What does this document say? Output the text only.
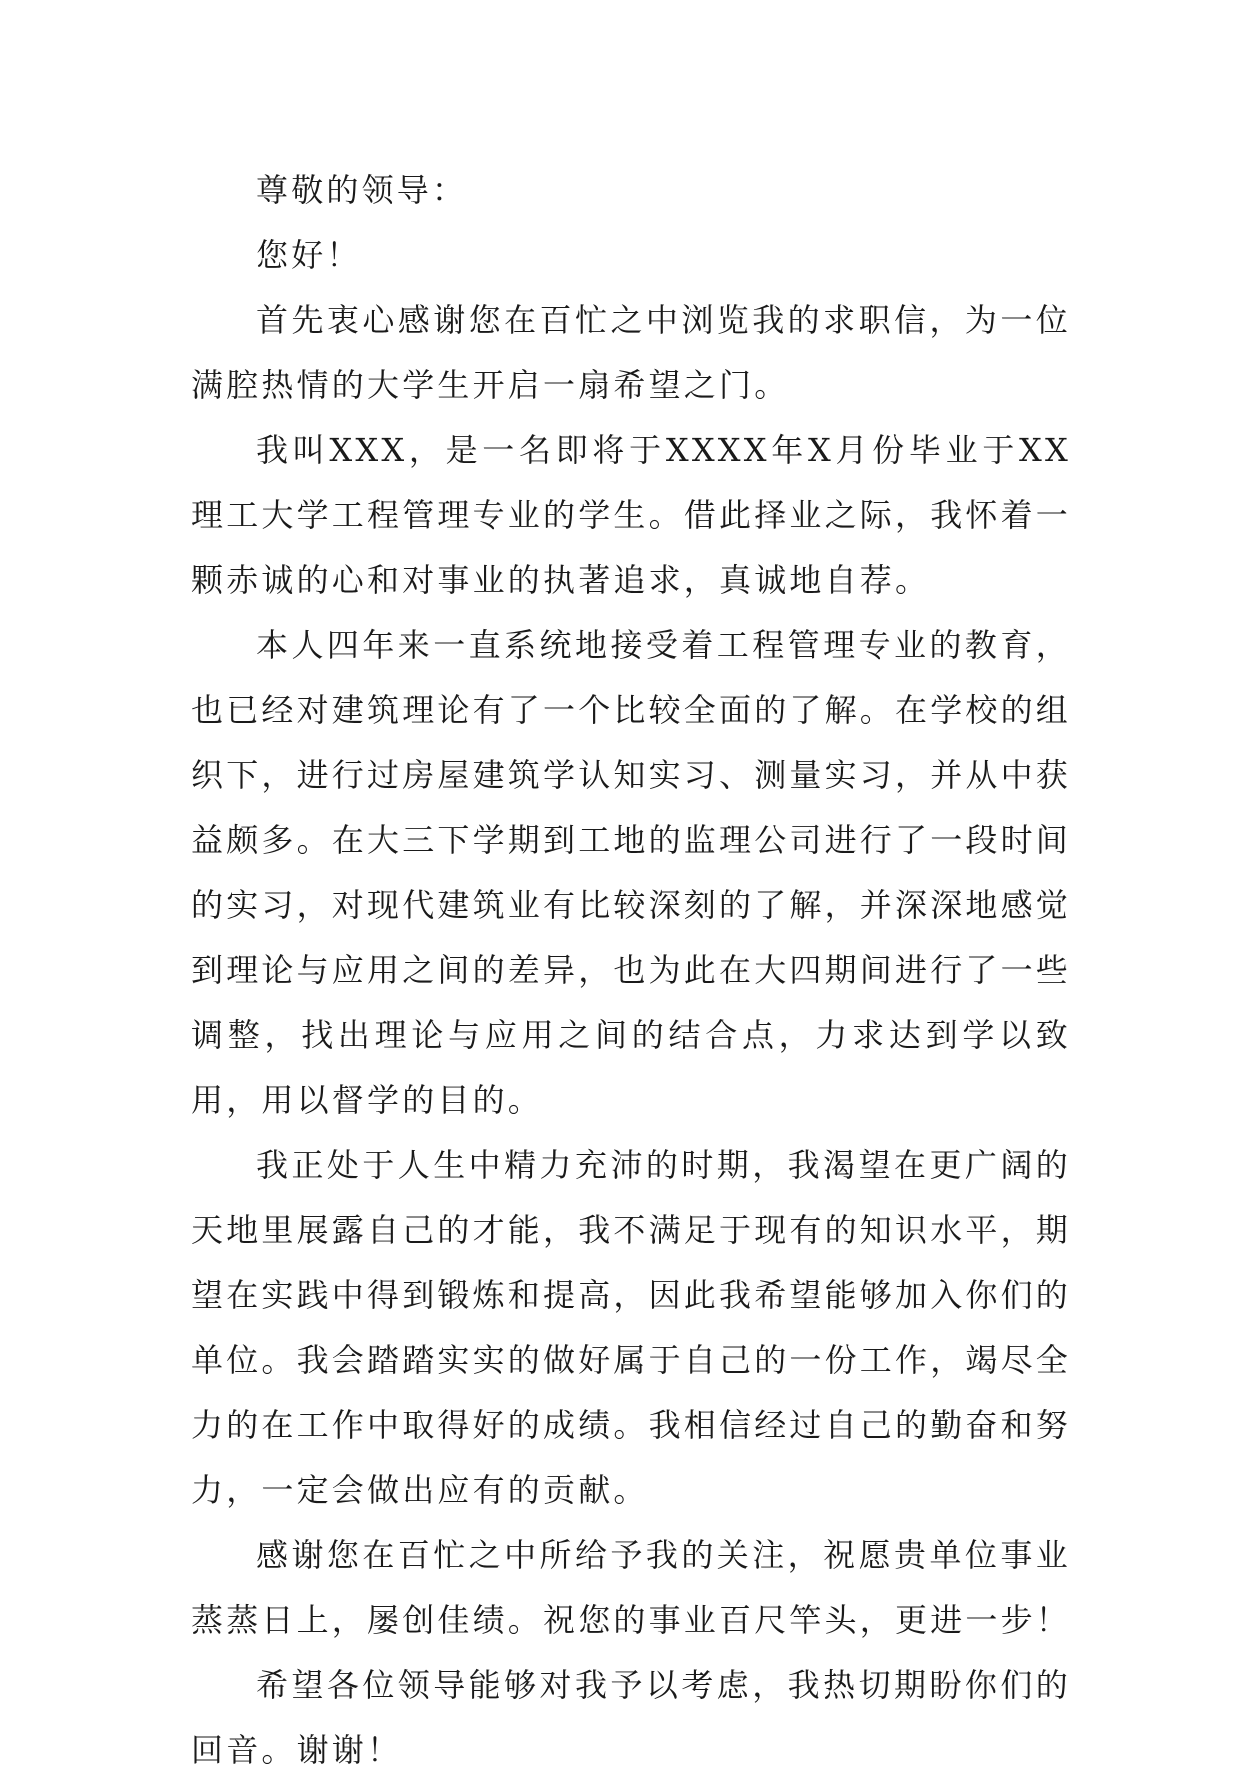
尊敬的领导：

您好！

首先衷心感谢您在百忙之中浏览我的求职信，为一位满腔热情的大学生开启一扇希望之门。

我叫XXX，是一名即将于XXXX年X月份毕业于XX理工大学工程管理专业的学生。借此择业之际，我怀着一颗赤诚的心和对事业的执著追求，真诚地自荐。

本人四年来一直系统地接受着工程管理专业的教育，也已经对建筑理论有了一个比较全面的了解。在学校的组织下，进行过房屋建筑学认知实习、测量实习，并从中获益颇多。在大三下学期到工地的监理公司进行了一段时间的实习，对现代建筑业有比较深刻的了解，并深深地感觉到理论与应用之间的差异，也为此在大四期间进行了一些调整，找出理论与应用之间的结合点，力求达到学以致用，用以督学的目的。

我正处于人生中精力充沛的时期，我渴望在更广阔的天地里展露自己的才能，我不满足于现有的知识水平，期望在实践中得到锻炼和提高，因此我希望能够加入你们的单位。我会踏踏实实的做好属于自己的一份工作，竭尽全力的在工作中取得好的成绩。我相信经过自己的勤奋和努力，一定会做出应有的贡献。

感谢您在百忙之中所给予我的关注，祝愿贵单位事业蒸蒸日上，屡创佳绩。祝您的事业百尺竿头，更进一步！

希望各位领导能够对我予以考虑，我热切期盼你们的回音。谢谢！
